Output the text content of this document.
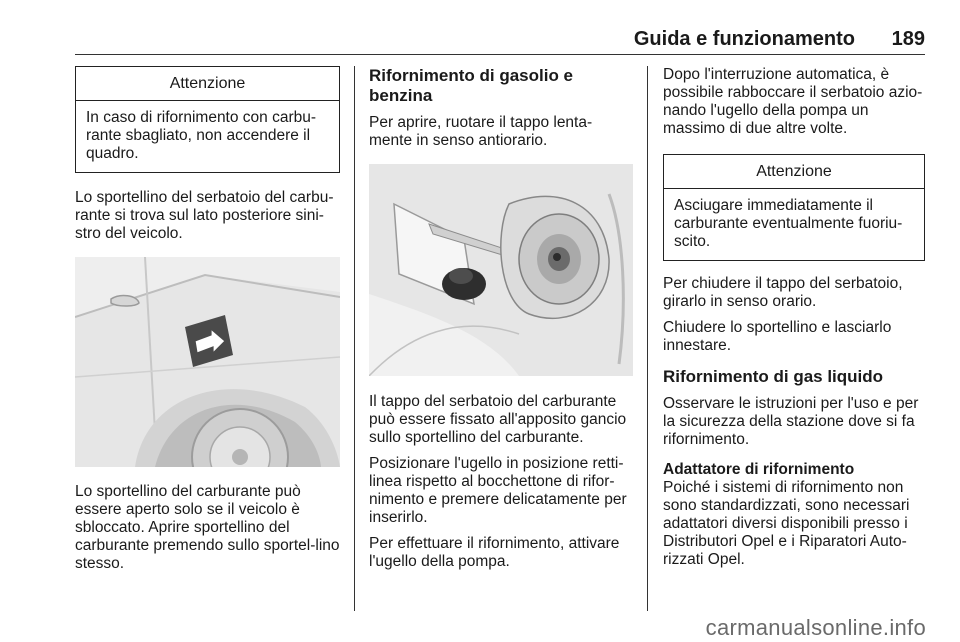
Guida e funzionamento 189
Attenzione
In caso di rifornimento con carbu-rante sbagliato, non accendere il quadro.

Lo sportellino del serbatoio del carbu-rante si trova sul lato posteriore sini-stro del veicolo.

Lo sportellino del carburante può essere aperto solo se il veicolo è sbloccato. Aprire sportellino del carburante premendo sullo sportel-lino stesso.

Rifornimento di gasolio e benzina

Per aprire, ruotare il tappo lenta-mente in senso antiorario.

Il tappo del serbatoio del carburante può essere fissato all'apposito gancio sullo sportellino del carburante.

Posizionare l'ugello in posizione retti-linea rispetto al bocchettone di rifor-nimento e premere delicatamente per inserirlo.

Per effettuare il rifornimento, attivare l'ugello della pompa.

Dopo l'interruzione automatica, è possibile rabboccare il serbatoio azio-nando l'ugello della pompa un massimo di due altre volte.

Attenzione
Asciugare immediatamente il carburante eventualmente fuoriu-scito.

Per chiudere il tappo del serbatoio, girarlo in senso orario.

Chiudere lo sportellino e lasciarlo innestare.

Rifornimento di gas liquido

Osservare le istruzioni per l'uso e per la sicurezza della stazione dove si fa rifornimento.

Adattatore di rifornimento

Poiché i sistemi di rifornimento non sono standardizzati, sono necessari adattatori diversi disponibili presso i Distributori Opel e i Riparatori Auto-rizzati Opel.

carmanualsonline.info
